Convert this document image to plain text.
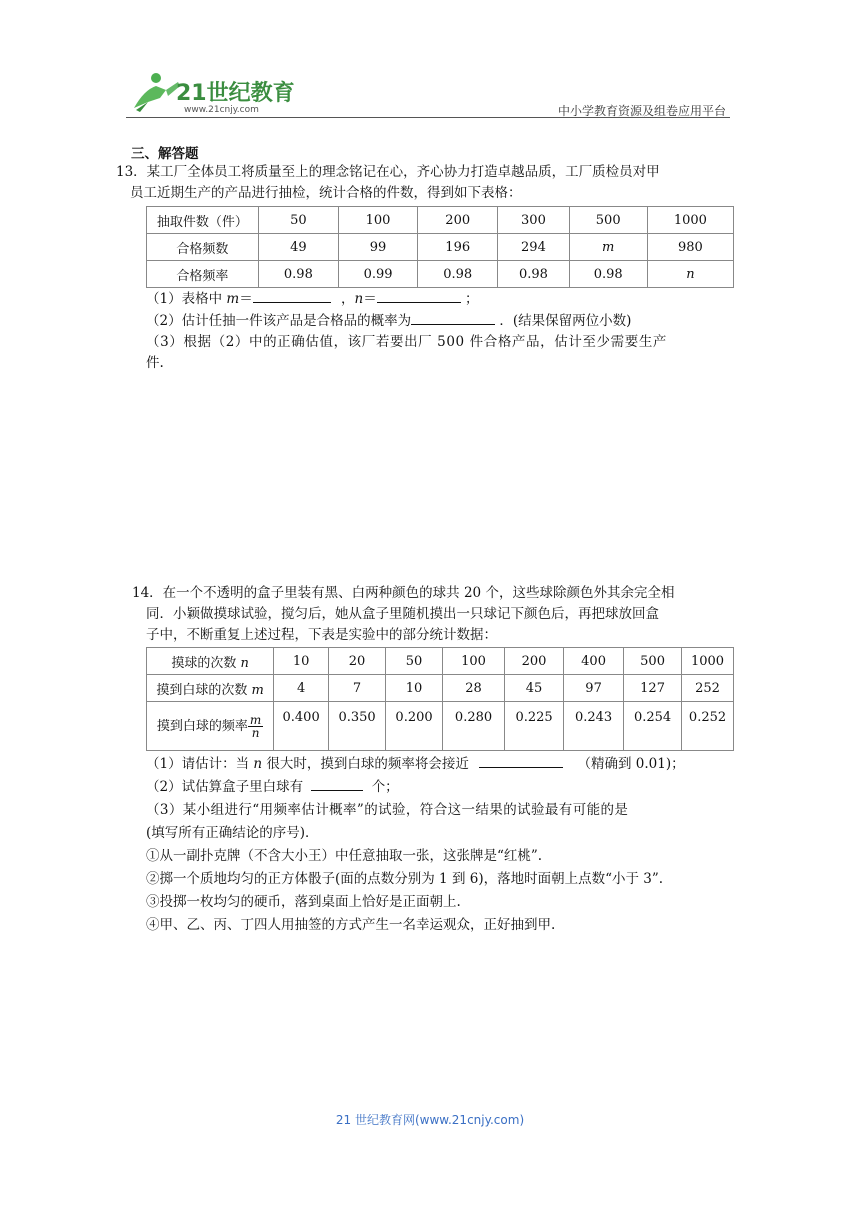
21世纪教育
www.21cnjy.com	中小学教育资源及组卷应用平台
三、解答题
13．某工厂全体员工将质量至上的理念铭记在心，齐心协力打造卓越品质，工厂质检员对甲
员工近期生产的产品进行抽检，统计合格的件数，得到如下表格：
抽取件数（件）	50	100	200	300	500	1000
合格频数	49	99	196	294	m	980
合格频率	0.98	0.99	0.98	0.98	0.98	n
（1）表格中 m＝	，n＝	；
（2）估计任抽一件该产品是合格品的概率为	．(结果保留两位小数)
（3）根据（2）中的正确估值，该厂若要出厂 500 件合格产品，估计至少需要生产
件.
14．在一个不透明的盒子里装有黑、白两种颜色的球共 20 个，这些球除颜色外其余完全相
同．小颖做摸球试验，搅匀后，她从盒子里随机摸出一只球记下颜色后，再把球放回盒
子中，不断重复上述过程，下表是实验中的部分统计数据：
摸球的次数 n	10	20	50	100	200	400	500	1000
摸到白球的次数 m	4	7	10	28	45	97	127	252
摸到白球的频率 $\frac{m}{n}$	0.400	0.350	0.200	0.280	0.225	0.243	0.254	0.252
（1）请估计：当 n 很大时，摸到白球的频率将会接近	（精确到 0.01)；
（2）试估算盒子里白球有	个；
（3）某小组进行“用频率估计概率”的试验，符合这一结果的试验最有可能的是
(填写所有正确结论的序号)．
①从一副扑克牌（不含大小王）中任意抽取一张，这张牌是“红桃”.
②掷一个质地均匀的正方体骰子(面的点数分别为 1 到 6)，落地时面朝上点数“小于 3”.
③投掷一枚均匀的硬币，落到桌面上恰好是正面朝上.
④甲、乙、丙、丁四人用抽签的方式产生一名幸运观众，正好抽到甲.
21 世纪教育网(www.21cnjy.com)
